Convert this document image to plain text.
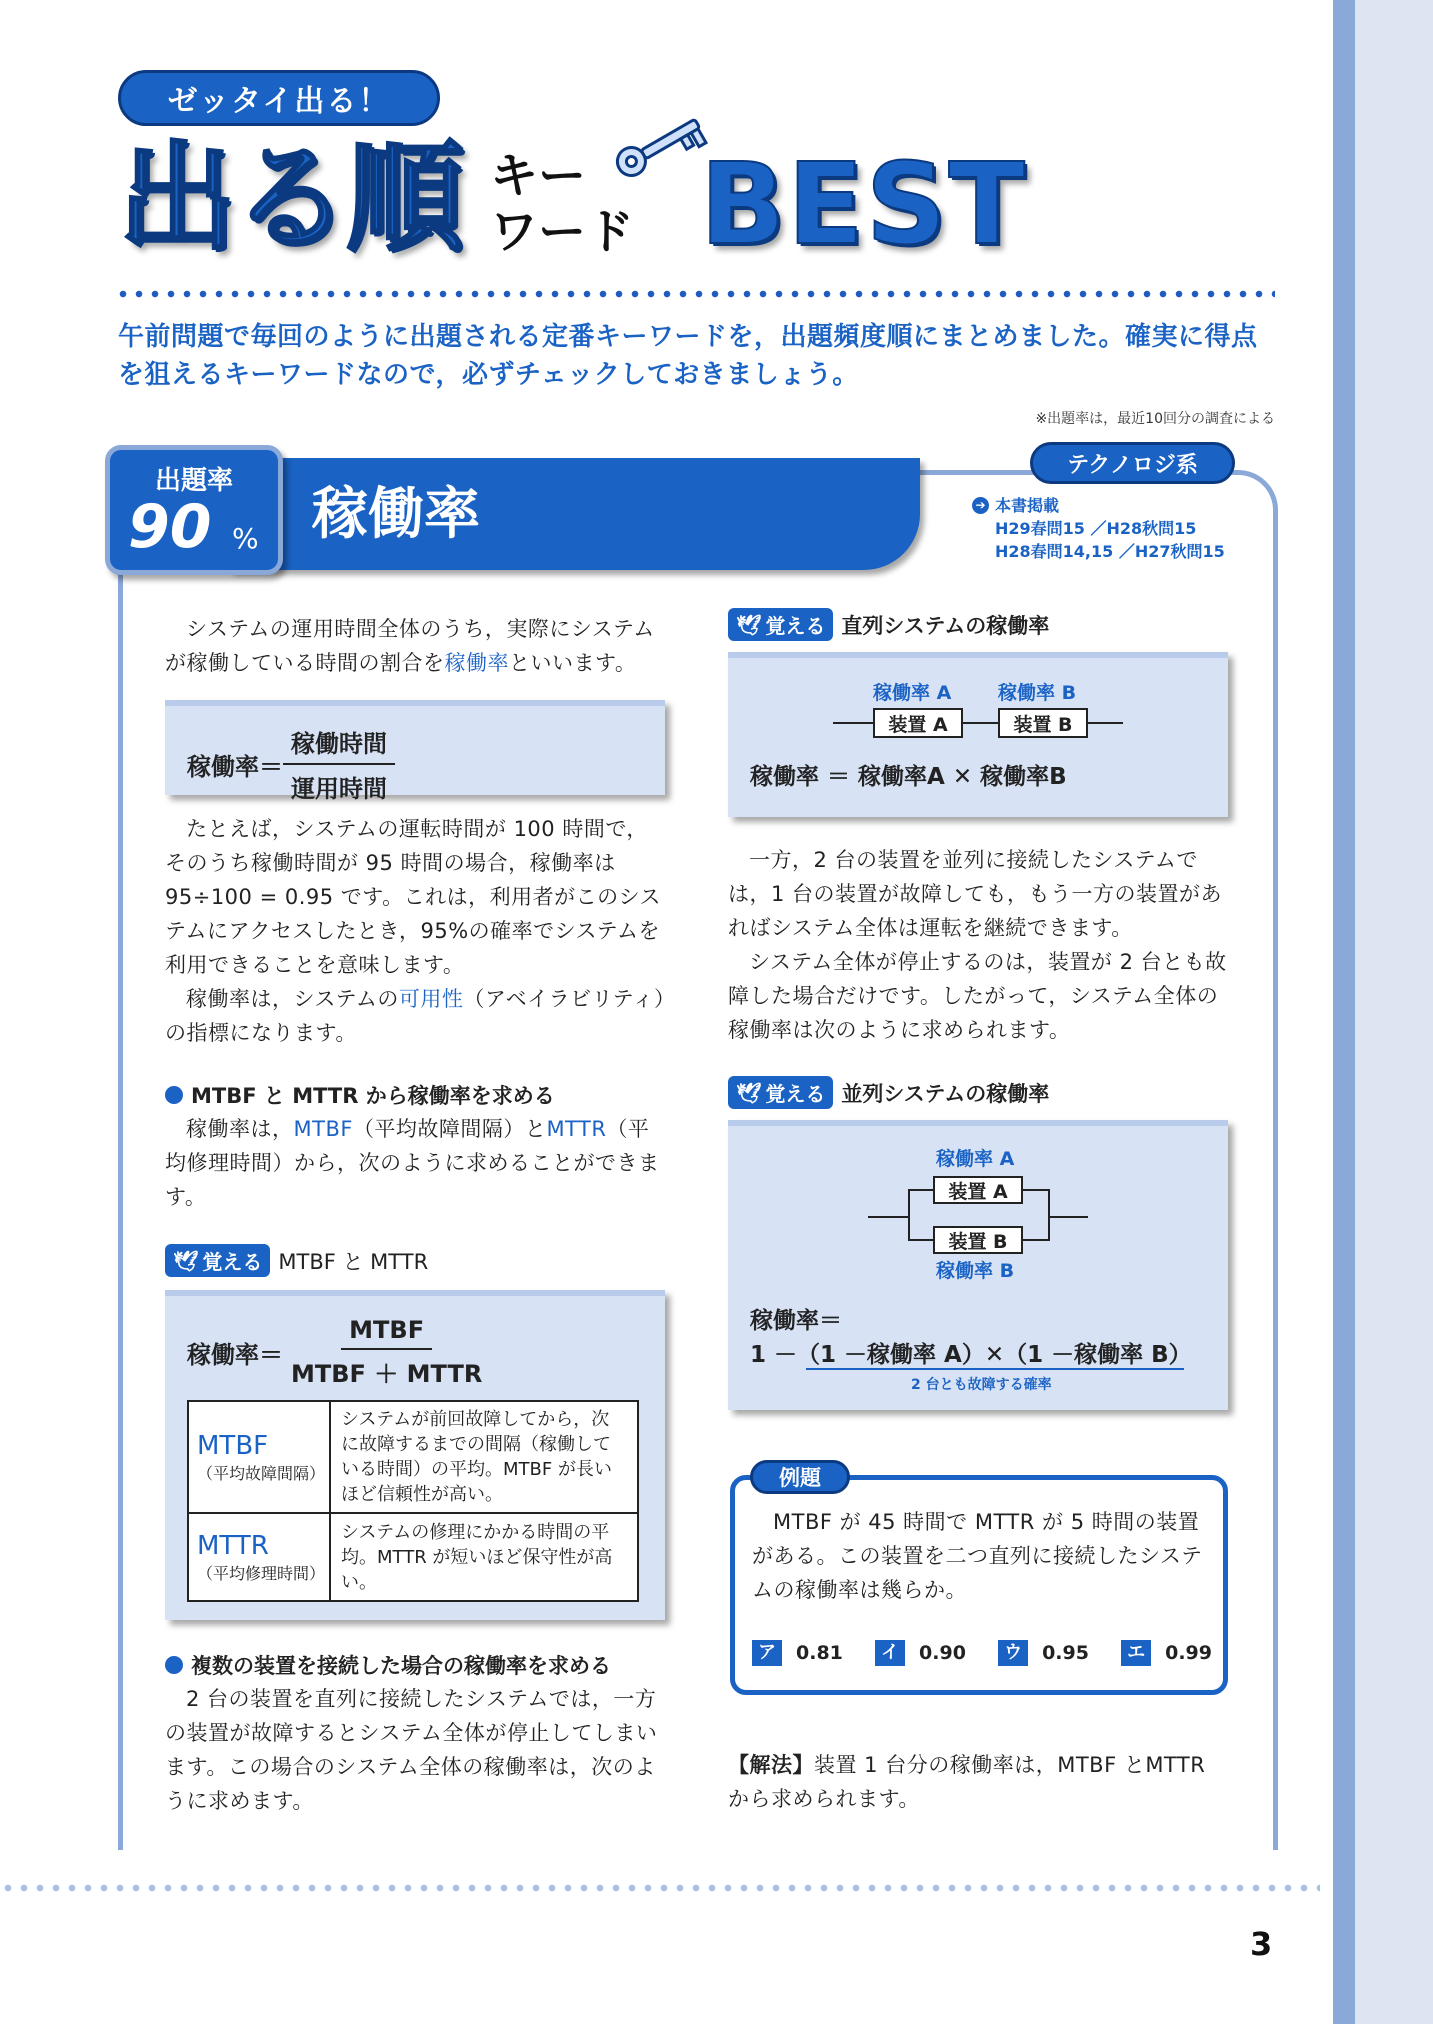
ゼッタイ出る！
出る順 キー
ワード BEST
午前問題で毎回のように出題される定番キーワードを，出題頻度順にまとめました。確実に得点を狙えるキーワードなので，必ずチェックしておきましょう。
※出題率は，最近10回分の調査による
稼働率
出題率
90 %
テクノロジ系
➔ 本書掲載
H29春問15 ／H28秋問15
H28春問14,15 ／H27秋問15

システムの運用時間全体のうち，実際にシステムが稼働している時間の割合を稼働率といいます。

稼働率＝ $\frac{\text{稼働時間}}{\text{運用時間}}$

たとえば，システムの運転時間が 100 時間で，そのうち稼働時間が 95 時間の場合，稼働率は 95÷100 = 0.95 です。これは，利用者がこのシステムにアクセスしたとき，95%の確率でシステムを利用できることを意味します。

稼働率は，システムの可用性（アベイラビリティ）の指標になります。

MTBF と MTTR から稼働率を求める

稼働率は，MTBF（平均故障間隔）とMTTR（平均修理時間）から，次のように求めることができます。

🕊 覚える MTBF と MTTR
稼働率＝ $\frac{\text{MTBF}}{\text{MTBF ＋ MTTR}}$
MTBF
（平均故障間隔）	システムが前回故障してから，次に故障するまでの間隔（稼働している時間）の平均。MTBF が長いほど信頼性が高い。

MTTR
（平均修理時間）	システムの修理にかかる時間の平均。MTTR が短いほど保守性が高い。
複数の装置を接続した場合の稼働率を求める

2 台の装置を直列に接続したシステムでは，一方の装置が故障するとシステム全体が停止してしまいます。この場合のシステム全体の稼働率は，次のように求めます。

🕊 覚える 直列システムの稼働率
稼働率 A 稼働率 B
装置 A	装置 B
稼働率 ＝ 稼働率A ✕ 稼働率B

一方，2 台の装置を並列に接続したシステムでは，1 台の装置が故障しても，もう一方の装置があればシステム全体は運転を継続できます。

システム全体が停止するのは，装置が 2 台とも故障した場合だけです。したがって，システム全体の稼働率は次のように求められます。

🕊 覚える 並列システムの稼働率
稼働率 A
装置 A
装置 B
稼働率 B
稼働率＝
1 －（1 －稼働率 A）✕（1 －稼働率 B）
2 台とも故障する確率
例題

MTBF が 45 時間で MTTR が 5 時間の装置がある。この装置を二つ直列に接続したシステムの稼働率は幾らか。

ア	0.81	イ	0.90	ウ	0.95	エ	0.99
【解法】装置 1 台分の稼働率は，MTBF とMTTR から求められます。
3
